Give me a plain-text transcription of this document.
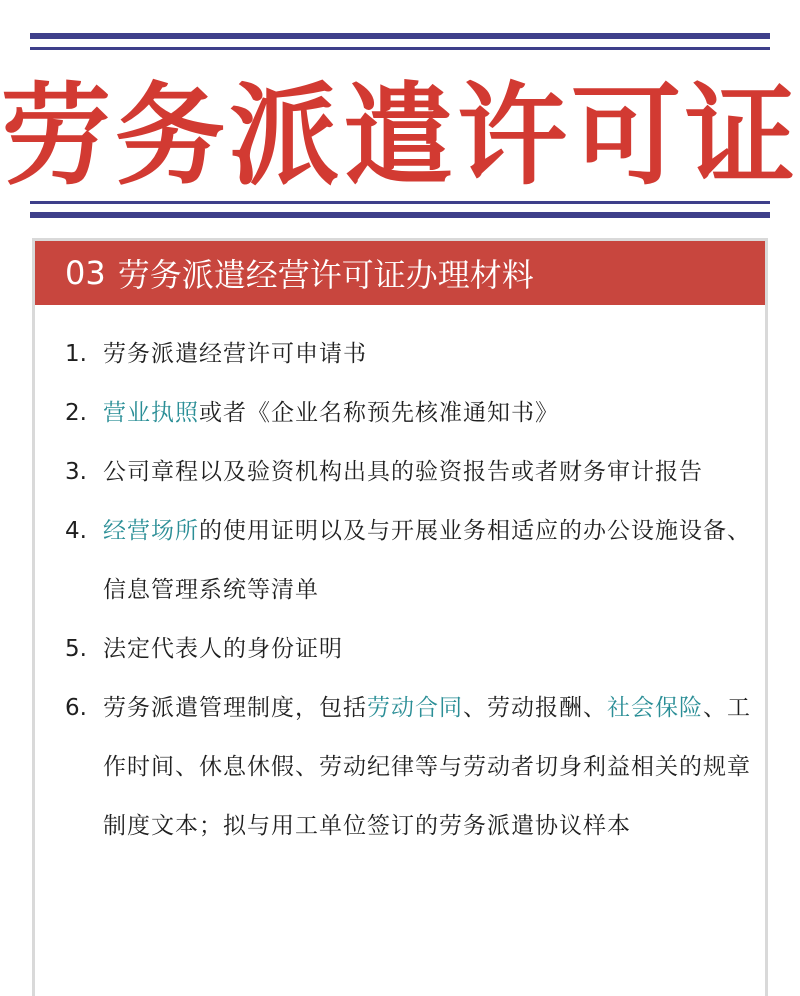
劳务派遣许可证
03 劳务派遣经营许可证办理材料
1. 劳务派遣经营许可申请书
2. 营业执照或者《企业名称预先核准通知书》
3. 公司章程以及验资机构出具的验资报告或者财务审计报告
4. 经营场所的使用证明以及与开展业务相适应的办公设施设备、信息管理系统等清单
5. 法定代表人的身份证明
6. 劳务派遣管理制度，包括劳动合同、劳动报酬、社会保险、工作时间、休息休假、劳动纪律等与劳动者切身利益相关的规章制度文本；拟与用工单位签订的劳务派遣协议样本
